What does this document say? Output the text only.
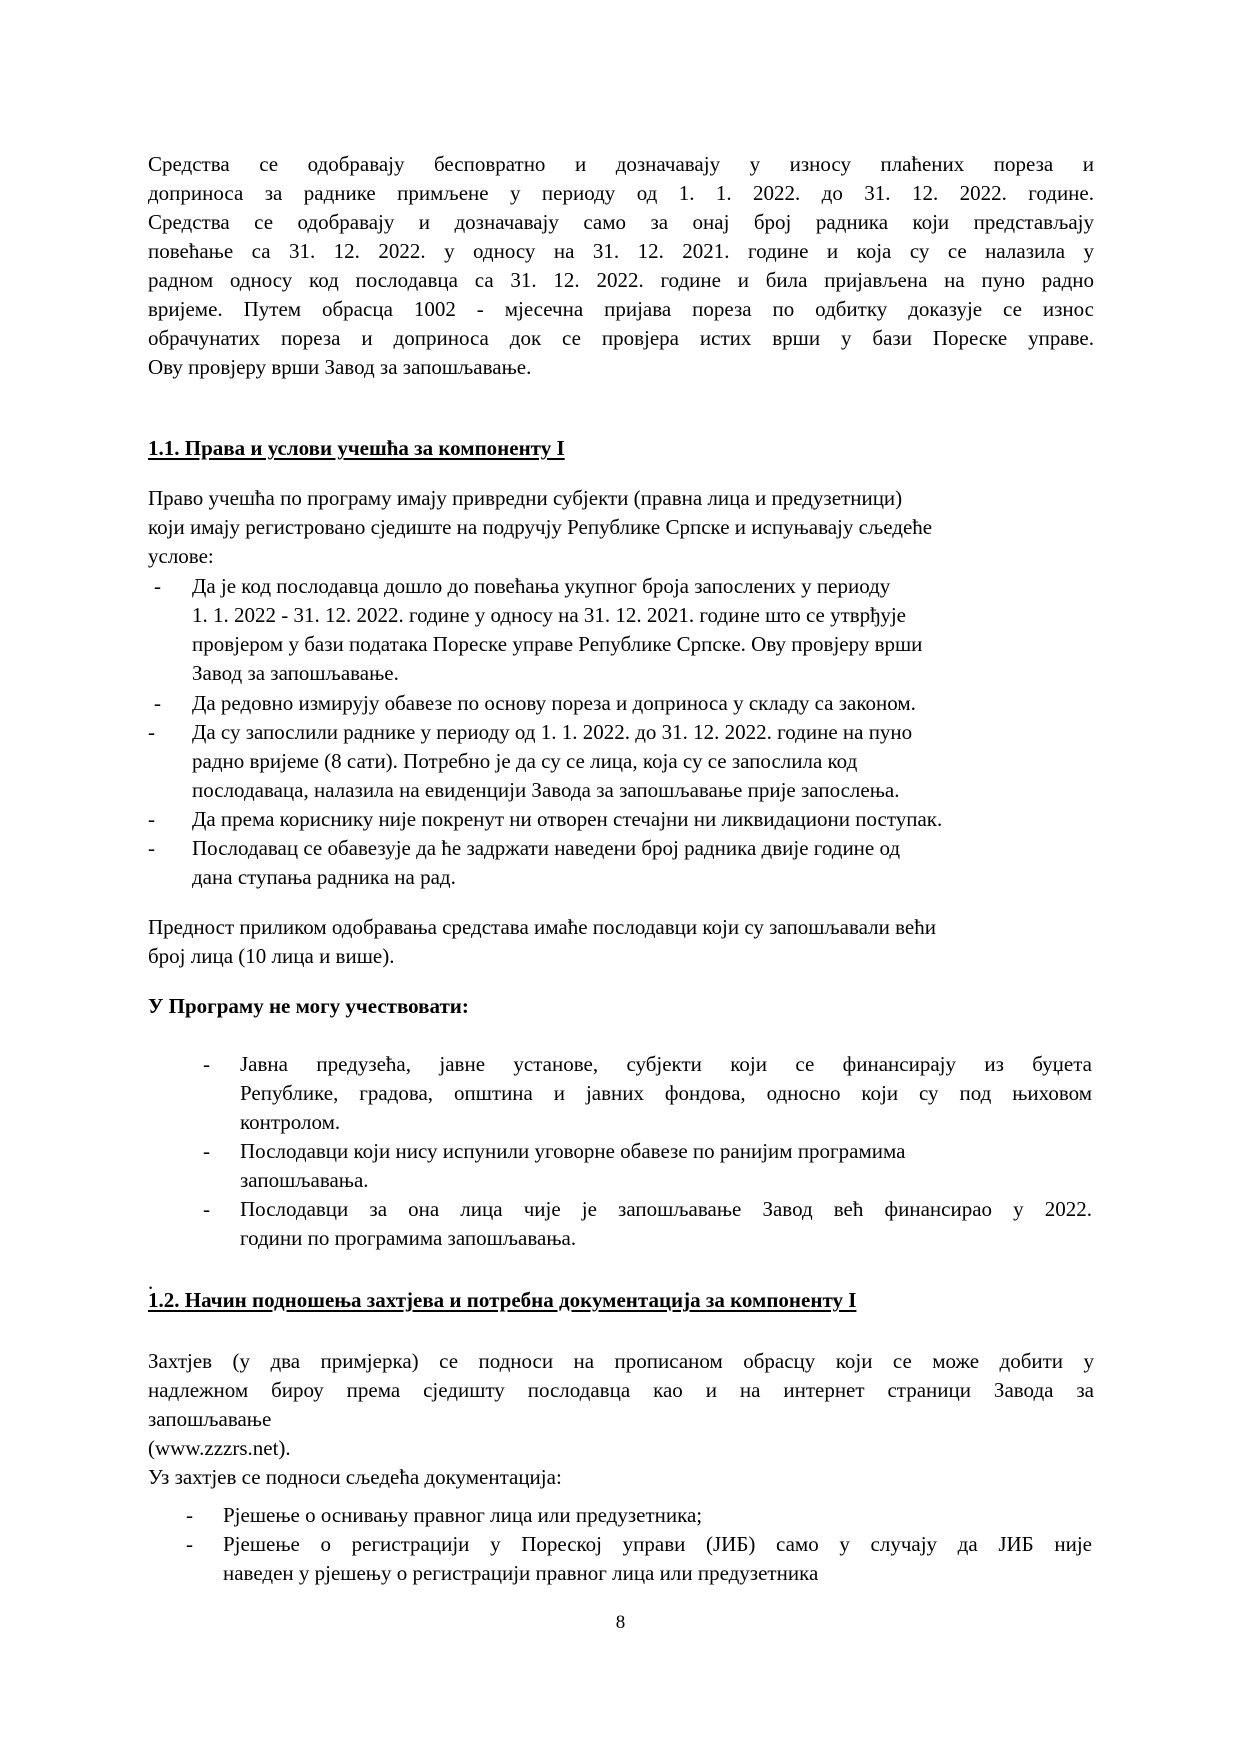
Средства се одобравају бесповратно и дозначавају у износу плаћених пореза и
доприноса за раднике примљене у периоду од 1. 1. 2022. до 31. 12. 2022. године.
Средства се одобравају и дозначавају само за онај број радника који представљају
повећање са 31. 12. 2022. у односу на 31. 12. 2021. године и која су се налазила у
радном односу код послодавца са 31. 12. 2022. године и била пријављена на пуно радно
вријеме. Путем обрасца 1002 - мјесечна пријава пореза по одбитку доказује се износ
обрачунатих пореза и доприноса док се провјера истих врши у бази Пореске управе.
Ову провјеру врши Завод за запошљавање.
1.1. Права и услови учешћа за компоненту I
Право учешћа по програму имају привредни субјекти (правна лица и предузетници)
који имају регистровано сједиште на подручју Републике Српске и испуњавају сљедеће
услове:
- Да је код послодавца дошло до повећања укупног броја запослених у периоду
1. 1. 2022 - 31. 12. 2022. године у односу на 31. 12. 2021. године што се утврђује
провјером у бази података Пореске управе Републике Српске. Ову провјеру врши
Завод за запошљавање.
- Да редовно измирују обавезе по основу пореза и доприноса у складу са законом.
- Да су запослили раднике у периоду од 1. 1. 2022. до 31. 12. 2022. године на пуно
радно вријеме (8 сати). Потребно је да су се лица, која су се запослила код
послодаваца, налазила на евиденцији Завода за запошљавање прије запослења.
- Да према кориснику није покренут ни отворен стечајни ни ликвидациони поступак.
- Послодавац се обавезује да ће задржати наведени број радника двије године од
дана ступања радника на рад.
Предност приликом одобравања средстава имаће послодавци који су запошљавали већи
број лица (10 лица и више).
У Програму не могу учествовати:
- Јавна предузећа, јавне установе, субјекти који се финансирају из буџета
Републике, градова, општина и јавних фондова, односно који су под њиховом
контролом.
- Послодавци који нису испунили уговорне обавезе по ранијим програмима
запошљавања.
- Послодавци за она лица чије је запошљавање Завод већ финансирао у 2022.
години по програмима запошљавања.
.
1.2. Начин подношења захтјева и потребна документација за компоненту I
Захтјев (у два примјерка) се подноси на прописаном обрасцу који се може добити у
надлежном бироу према сједишту послодавца као и на интернет страници Завода за
запошљавање
(www.zzzrs.net).
Уз захтјев се подноси сљедећа документација:
- Рјешење о оснивању правног лица или предузетника;
- Рјешење о регистрацији у Пореској управи (ЈИБ) само у случају да ЈИБ није
наведен у рјешењу о регистрацији правног лица или предузетника
8
